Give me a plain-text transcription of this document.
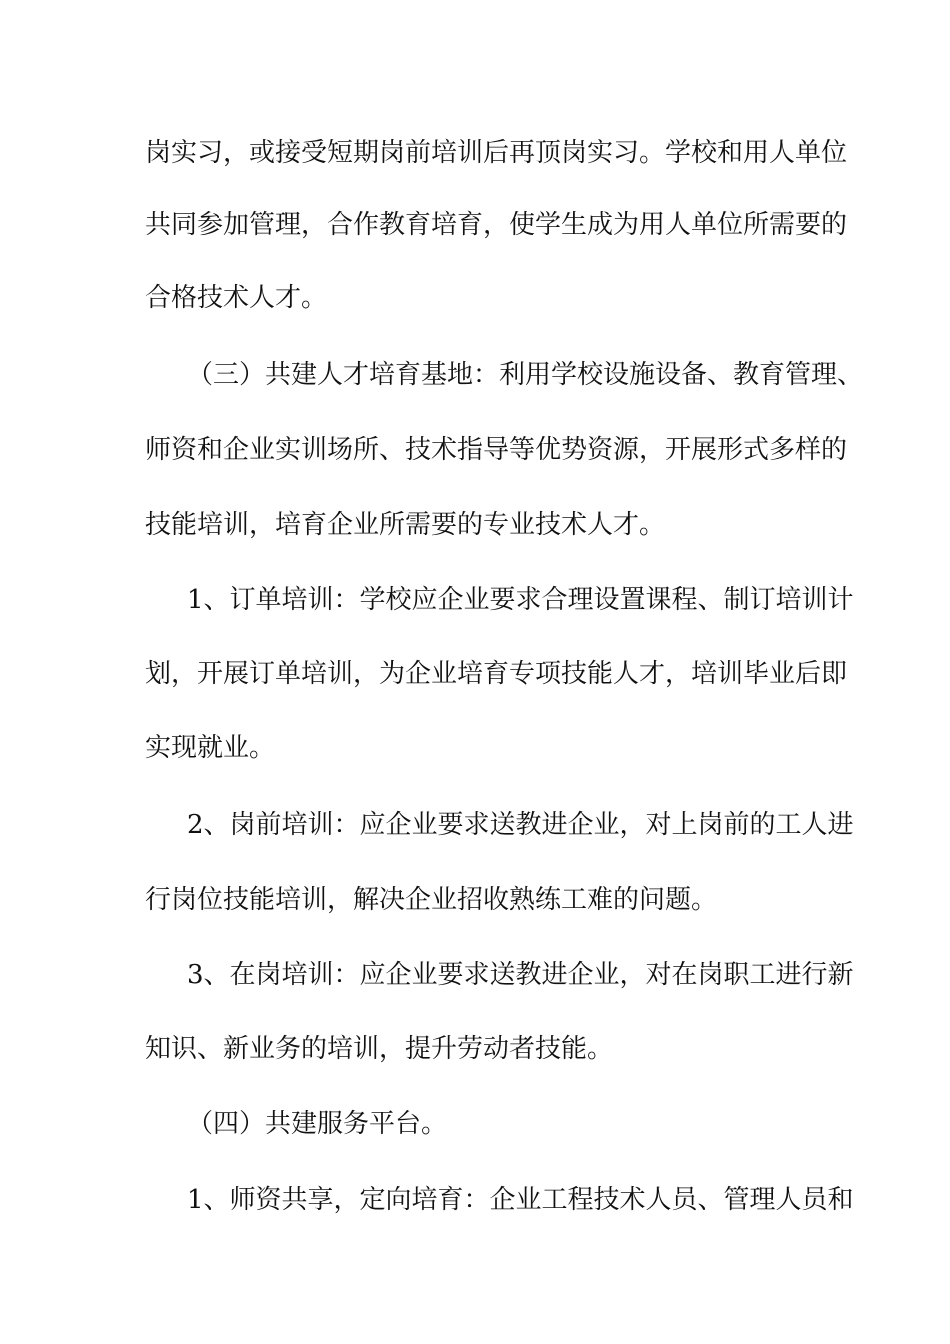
岗实习，或接受短期岗前培训后再顶岗实习。学校和用人单位
共同参加管理，合作教育培育，使学生成为用人单位所需要的
合格技术人才。
（三）共建人才培育基地：利用学校设施设备、教育管理、
师资和企业实训场所、技术指导等优势资源，开展形式多样的
技能培训，培育企业所需要的专业技术人才。
1、订单培训：学校应企业要求合理设置课程、制订培训计
划，开展订单培训，为企业培育专项技能人才，培训毕业后即
实现就业。
2、岗前培训：应企业要求送教进企业，对上岗前的工人进
行岗位技能培训，解决企业招收熟练工难的问题。
3、在岗培训：应企业要求送教进企业，对在岗职工进行新
知识、新业务的培训，提升劳动者技能。
（四）共建服务平台。
1、师资共享，定向培育：企业工程技术人员、管理人员和
